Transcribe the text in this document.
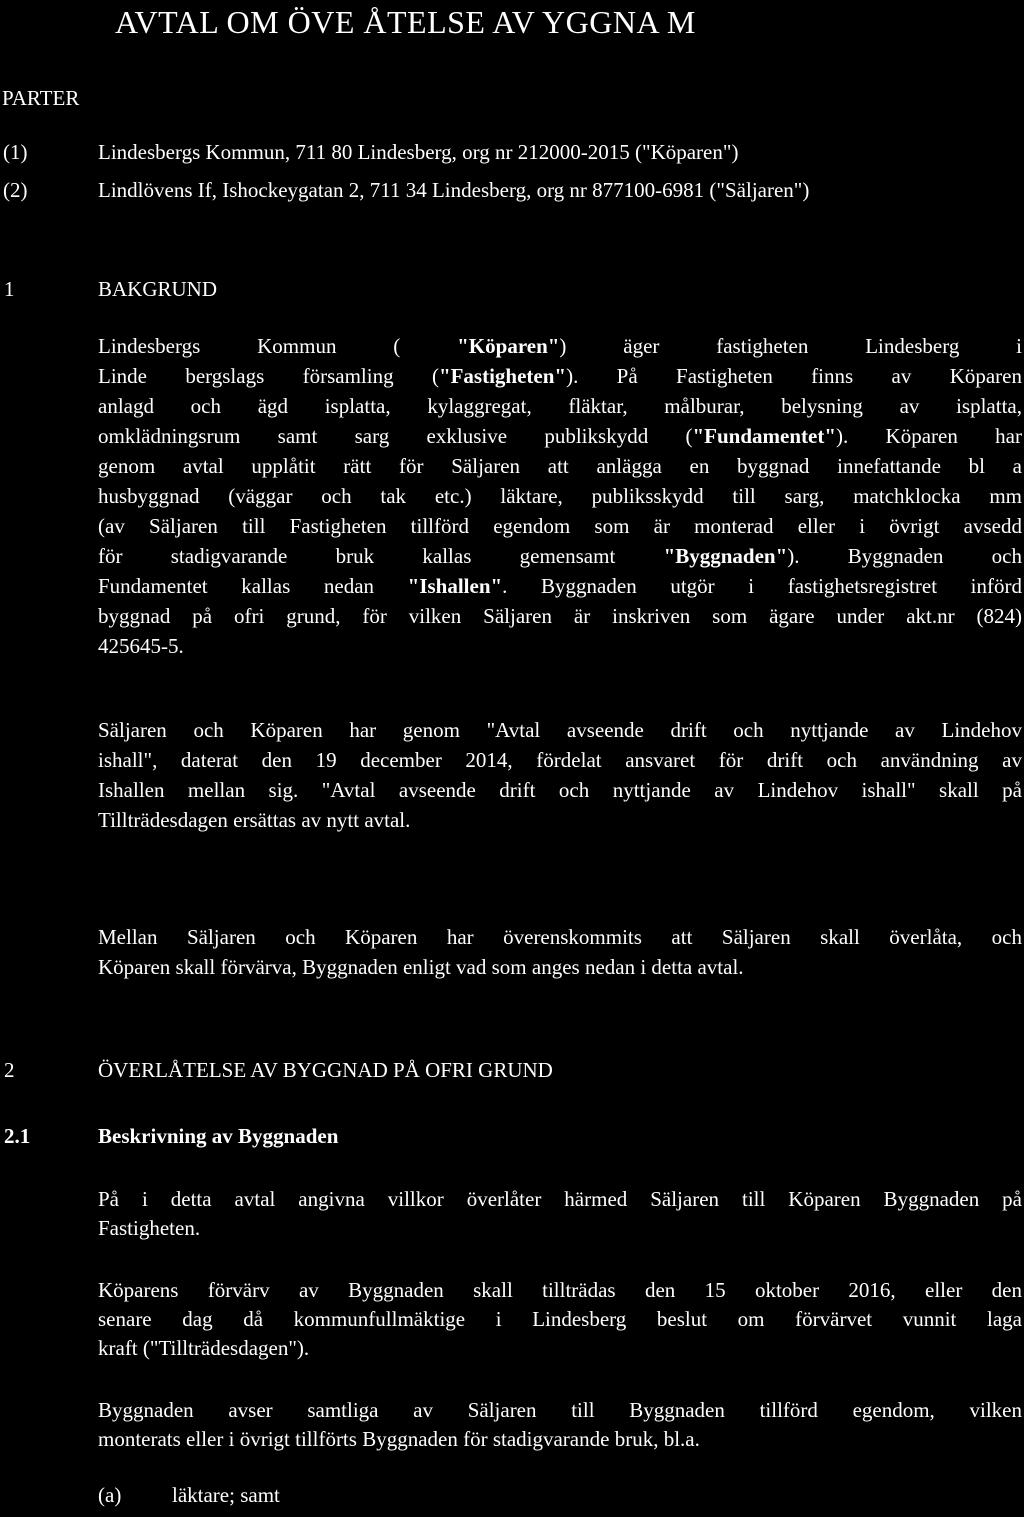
AVTAL OM ÖVE ÅTELSE AV YGGNA M
PARTER
(1)	Lindesbergs Kommun, 711 80 Lindesberg, org nr 212000-2015 ("Köparen")
(2)	Lindlövens If, Ishockeygatan 2, 711 34 Lindesberg, org nr 877100-6981 ("Säljaren")
1	BAKGRUND
Lindesbergs Kommun ( "Köparen") äger fastigheten Lindesberg i
Linde bergslags församling ("Fastigheten"). På Fastigheten finns av Köparen
anlagd och ägd isplatta, kylaggregat, fläktar, målburar, belysning av isplatta,
omklädningsrum samt sarg exklusive publikskydd ("Fundamentet"). Köparen har
genom avtal upplåtit rätt för Säljaren att anlägga en byggnad innefattande bl a
husbyggnad (väggar och tak etc.) läktare, publiksskydd till sarg, matchklocka mm
(av Säljaren till Fastigheten tillförd egendom som är monterad eller i övrigt avsedd
för stadigvarande bruk kallas gemensamt "Byggnaden"). Byggnaden och
Fundamentet kallas nedan "Ishallen". Byggnaden utgör i fastighetsregistret införd
byggnad på ofri grund, för vilken Säljaren är inskriven som ägare under akt.nr (824)
425645-5.
Säljaren och Köparen har genom "Avtal avseende drift och nyttjande av Lindehov
ishall", daterat den 19 december 2014, fördelat ansvaret för drift och användning av
Ishallen mellan sig. "Avtal avseende drift och nyttjande av Lindehov ishall" skall på
Tillträdesdagen ersättas av nytt avtal.
Mellan Säljaren och Köparen har överenskommits att Säljaren skall överlåta, och
Köparen skall förvärva, Byggnaden enligt vad som anges nedan i detta avtal.
2	ÖVERLÅTELSE AV BYGGNAD PÅ OFRI GRUND
2.1	Beskrivning av Byggnaden
På i detta avtal angivna villkor överlåter härmed Säljaren till Köparen Byggnaden på
Fastigheten.
Köparens förvärv av Byggnaden skall tillträdas den 15 oktober 2016, eller den
senare dag då kommunfullmäktige i Lindesberg beslut om förvärvet vunnit laga
kraft ("Tillträdesdagen").
Byggnaden avser samtliga av Säljaren till Byggnaden tillförd egendom, vilken
monterats eller i övrigt tillförts Byggnaden för stadigvarande bruk, bl.a.
(a) läktare; samt
